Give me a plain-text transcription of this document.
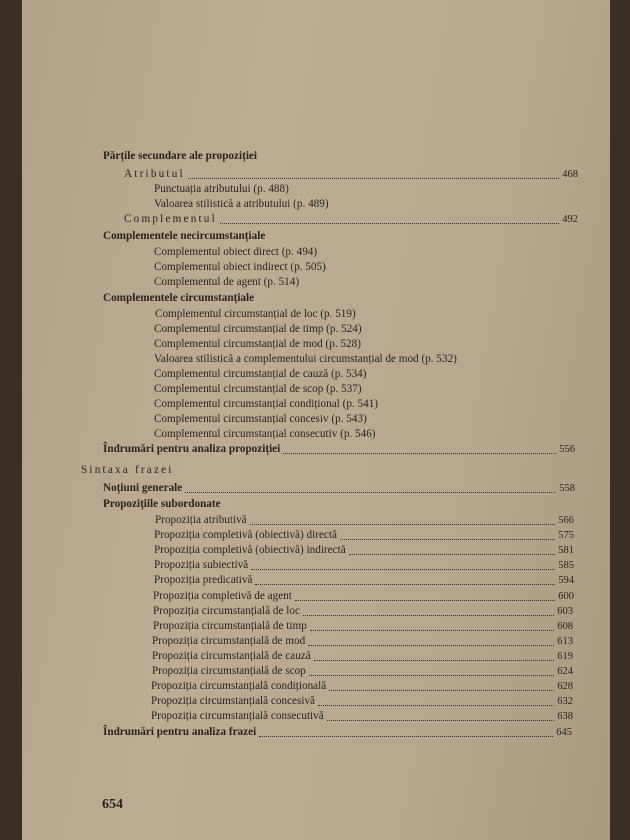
Părțile secundare ale propoziției
Atributul	468
Punctuația atributului (p. 488)
Valoarea stilistică a atributului (p. 489)
Complementul	492
Complementele necircumstanțiale
Complementul obiect direct (p. 494)
Complementul obiect indirect (p. 505)
Complementul de agent (p. 514)
Complementele circumstanțiale
Complementul circumstanțial de loc (p. 519)
Complementul circumstanțial de timp (p. 524)
Complementul circumstanțial de mod (p. 528)
Valoarea stilistică a complementului circumstanțial de mod (p. 532)
Complementul circumstanțial de cauză (p. 534)
Complementul circumstanțial de scop (p. 537)
Complementul circumstanțial condițional (p. 541)
Complementul circumstanțial concesiv (p. 543)
Complementul circumstanțial consecutiv (p. 546)
Îndrumări pentru analiza propoziției	556
Sintaxa frazei
Noțiuni generale	558
Propozițiile subordonate
Propoziția atributivă	566
Propoziția completivă (obiectivă) directă	575
Propoziția completivă (obiectivă) indirectă	581
Propoziția subiectivă	585
Propoziția predicativă	594
Propoziția completivă de agent	600
Propoziția circumstanțială de loc	603
Propoziția circumstanțială de timp	608
Propoziția circumstanțială de mod	613
Propoziția circumstanțială de cauză	619
Propoziția circumstanțială de scop	624
Propoziția circumstanțială condițională	628
Propoziția circumstanțială concesivă	632
Propoziția circumstanțială consecutivă	638
Îndrumări pentru analiza frazei	645
654
